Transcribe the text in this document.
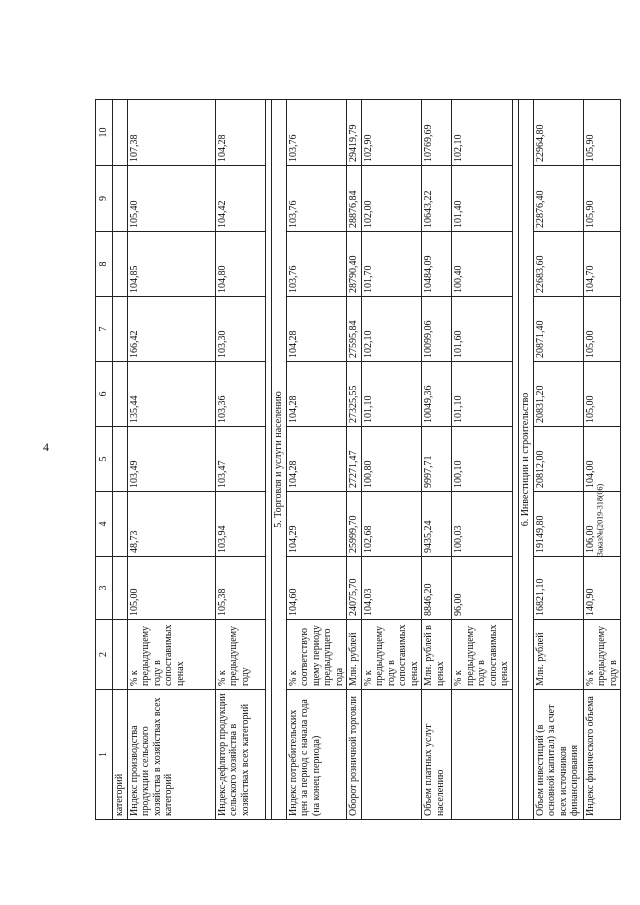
4
Заказ№(2019-318(06)
1	2	3	4	5	6	7	8	9	10
категорий									
Индекс производства продукции сельского хозяйства в хозяйствах всех категорий	% к предыдущему году в сопоставимых ценах	105,00	48,73	103,49	135,44	166,42	104,85	105,40	107,38
Индекс-дефлятор продукции сельского хозяйства в хозяйствах всех категорий	% к предыдущему году	105,38	103,94	103,47	103,36	103,30	104,80	104,42	104,28

5. Торговля и услуги населению									
Индекс потребительских цен за период с начала года (на конец периода)	% к соответствующему периоду предыдущего года	104,60	104,29	104,28	104,28	104,28	103,76	103,76	103,76
Оборот розничной торговли	Млн. рублей	24075,70	25999,70	27271,47	27325,55	27595,84	28790,40	28876,84	29419,79
	% к предыдущему году в сопоставимых ценах	104,03	102,68	100,80	101,10	102,10	101,70	102,00	102,90
Объем платных услуг населению	Млн. рублей в ценах	8846,20	9435,24	9997,71	10049,36	10099,06	10484,09	10643,22	10769,69
	% к предыдущему году в сопоставимых ценах	96,00	100,03	100,10	101,10	101,60	100,40	101,40	102,10

6. Инвестиции и строительство									
Объем инвестиций (в основной капитал) за счет всех источников финансирования	Млн. рублей	16821,10	19149,80	20812,00	20831,20	20871,40	22683,60	22876,40	22964,80
Индекс физического объема	% к предыдущему году в	140,90	106,00	104,00	105,00	105,00	104,70	105,90	105,90
